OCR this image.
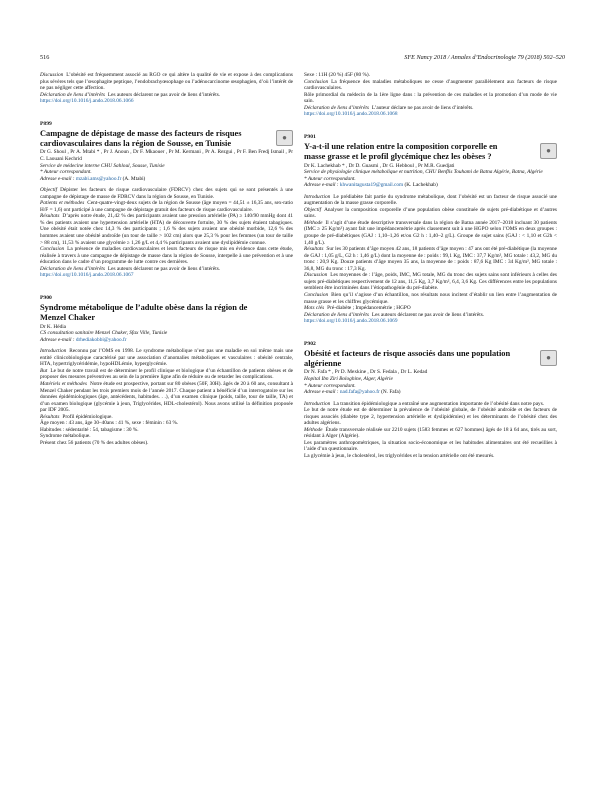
516	SFE Nancy 2018 / Annales d’Endocrinologie 79 (2018) 502–520

Discussion L’obésité est fréquemment associé au RGO ce qui altère la qualité de vie et expose à des complications plus sévères tels que l’œsophagite peptique, l’endobrachyœsophage ou l’adénocarcinome œsophagien, d’où l’intérêt de ne pas négliger cette affection.

Déclaration de liens d’intérêts Les auteurs déclarent ne pas avoir de liens d’intérêts.

https://doi.org/10.1016/j.ando.2018.06.1066

P899
Campagne de dépistage de masse des facteurs de risques cardiovasculaires dans la région de Sousse, en Tunisie
●

Dr G. Shoul , Pr A. Mtabi * , Pr J. Anoun , Dr F. Mkaouer , Pr M. Kermani , Pr A. Rezgui , Pr F. Ben Fredj Ismail , Pr C. Laouani Kechrid

Service de médecine interne CHU Sahloul, Sousse, Tunisie

* Auteur correspondant.

Adresse e-mail : mzabi.ams@yahoo.fr (A. Mtabi)

Objectif Dépister les facteurs de risque cardiovasculaire (FDRCV) chez des sujets qui se sont présentés à une campagne de dépistage de masse de FDRCV dans la région de Sousse, en Tunisie.

Patients et méthodes Cent-quatre-vingt-deux sujets de la région de Sousse (âge moyen = 44,51 ± 16,35 ans, sex-ratio H/F = 1,6) ont participé à une campagne de dépistage gratuit des facteurs de risque cardiovasculaire.

Résultats D’après notre étude, 21,42 % des participants avaient une pression artérielle (PA) ≥ 140/90 mmHg dont 41 % des patients avaient une hypertension artérielle (HTA) de découverte fortuite, 30 % des sujets étaient tabagiques. Une obésité était notée chez 14,3 % des participants ; 1,6 % des sujets avaient une obésité morbide, 12,6 % des hommes avaient une obésité androïde (un tour de taille > 102 cm) alors que 25,3 % pour les femmes (un tour de taille > 88 cm), 11,53 % avaient une glycémie ≥ 1,26 g/L et 4,4 % participants avaient une dyslipidémie connue.

Conclusion La présence de maladies cardiovasculaires et leurs facteurs de risque mis en évidence dans cette étude, réalisée à travers à une campagne de dépistage de masse dans la région de Sousse, interpelle à une prévention et à une éducation dans le cadre d’un programme de lutte contre ces dernières.

Déclaration de liens d’intérêts Les auteurs déclarent ne pas avoir de liens d’intérêts.

https://doi.org/10.1016/j.ando.2018.06.1067

P900
Syndrome métabolique de l’adulte obèse dans la région de Menzel Chaker

Dr K. Hédia

CS consultation sanitaire Menzel Chaker, Sfax Ville, Tunisie

Adresse e-mail : drhediakobbi@yahoo.fr

Introduction Reconnu par l’OMS en 1998. Le syndrome métabolique n’est pas une maladie en soi même mais une entité clinicobiologique caractérisé par une association d’anomalies métaboliques et vasculaires : obésité centrale, HTA, hypertriglycéridémie, hypoHDLémie, hyperglycémie.

But Le but de notre travail est de déterminer le profil clinique et biologique d’un échantillon de patients obèses et de proposer des mesures préventives au sein de la première ligne afin de réduire ou de retarder les complications.

Matériels et méthodes Notre étude est prospective, portant sur 80 obèses (50F, 30H). âgés de 20 à 60 ans, consultant à Menzel Chaker pendant les trois premiers mois de l’année 2017. Chaque patient a bénéficié d’un interrogatoire sur les données épidémiologiques (âge, antécédents, habitudes. . .), d’un examen clinique (poids, taille, tour de taille, TA) et d’un examen biologique (glycémie à jeun, Triglycérides, HDL-cholestérol). Nous avons utilisé la définition proposée par IDF 2005.

Résultats Profil épidémiologique.

Âge moyen : 43 ans, âge 30–40ans : 41 %, sexe : féminin : 63 %.

Habitudes : sédentarité : 54, tabagisme : 30 %.

Syndrome métabolique.

Présent chez 56 patients (70 % des adultes obèses).

Sexe : 11H (20 %) 45F (80 %).

Conclusion La fréquence des maladies métaboliques ne cesse d’augmenter parallèlement aux facteurs de risque cardiovasculaires.

Rôle primordial du médecin de la 1ère ligne dans : la prévention de ces maladies et la promotion d’un mode de vie sain.

Déclaration de liens d’intérêts L’auteur déclare ne pas avoir de liens d’intérêts.

https://doi.org/10.1016/j.ando.2018.06.1068

P901
Y-a-t-il une relation entre la composition corporelle en masse grasse et le profil glycémique chez les obèses ?
●

Dr K. Lachekhab * , Dr D. Guasmi , Dr G. Hebboul , Pr M.R. Guedjati

Service de physiologie clinique métabolique et nutrition, CHU Benflis Touhami de Batna Algérie, Batna, Algérie

* Auteur correspondant.

Adresse e-mail : khwanitagusta19@gmail.com (K. Lachekhab)

Introduction Le prédiabète fait partie du syndrome métabolique, dont l’obésité est un facteur de risque associé une augmentation de la masse grasse corporelle.

Objectif Analyser la composition corporelle d’une population obèse constituée de sujets pré-diabétique et d’autres sains.

Méthode Il s’agit d’une étude descriptive transversale dans la région de Batna année 2017–2018 incluant 30 patients (IMC ≥ 25 Kg/m²) ayant fait une impédancemétrie après classement suit à une HGPO selon l’OMS en deux groupes : groupe de pré-diabétiques (GAJ : 1,10–1,26 et/ou G2 h : 1,40–2 g/L). Groupe de sujet sains (GAJ : < 1,10 et G2h < 1,40 g/L).

Résultats Sur les 30 patients d’âge moyen 42 ans, 18 patients d’âge moyen : 47 ans ont été pré-diabétique (la moyenne de GAJ : 1,05 g/L, G2 h : 1,46 g/L) dont la moyenne de : poids : 99,1 Kg, IMC : 37,7 Kg/m², MG totale : 43,2, MG du tronc : 20,9 Kg. Douze patients d’âge moyen 35 ans, la moyenne de : poids : 87,6 Kg IMC : 34 Kg/m², MG totale : 36,8, MG du tronc : 17,3 Kg.

Discussion Les moyennes de : l’âge, poids, IMC, MG totale, MG du tronc des sujets sains sont inférieurs à celles des sujets pré-diabétiques respectivement de 12 ans, 11,5 Kg, 3,7 Kg/m², 6,4, 3,6 Kg. Ces différences entre les populations semblent être incriminées dans l’étiopathogénie du pré-diabète.

Conclusion Bien qu’il s’agisse d’un échantillon, nos résultats nous incitent d’établir un lien entre l’augmentation de masse grasse et les chiffres glycémique.

Mots clés Pré-diabète ; Impédancemétrie ; HGPO

Déclaration de liens d’intérêts Les auteurs déclarent ne pas avoir de liens d’intérêts.

https://doi.org/10.1016/j.ando.2018.06.1069

P902
Obésité et facteurs de risque associés dans une population algérienne
●

Dr N. Fafa * , Pr D. Mexkine , Dr S. Fedala , Dr L. Kedad

Hopital Ibn Ziri Bologhine, Alger, Algérie

* Auteur correspondant.

Adresse e-mail : nad.fafa@yahoo.fr (N. Fafa)

Introduction La transition épidémiologique a entraîné une augmentation importante de l’obésité dans notre pays.

Le but de notre étude est de déterminer la prévalence de l’obésité globale, de l’obésité androïde et des facteurs de risques associés (diabète type 2, hypertension artérielle et dyslipidémies) et les déterminants de l’obésité chez des adultes algériens.

Méthode Étude transversale réalisée sur 2210 sujets (1583 femmes et 627 hommes) âgés de 18 à 64 ans, tirés au sort, résidant à Alger (Algérie).

Les paramètres anthropométriques, la situation socio-économique et les habitudes alimentaires ont été recueillies à l’aide d’un questionnaire.

La glycémie à jeun, le cholestérol, les triglycérides et la tension artérielle ont été mesurés.
